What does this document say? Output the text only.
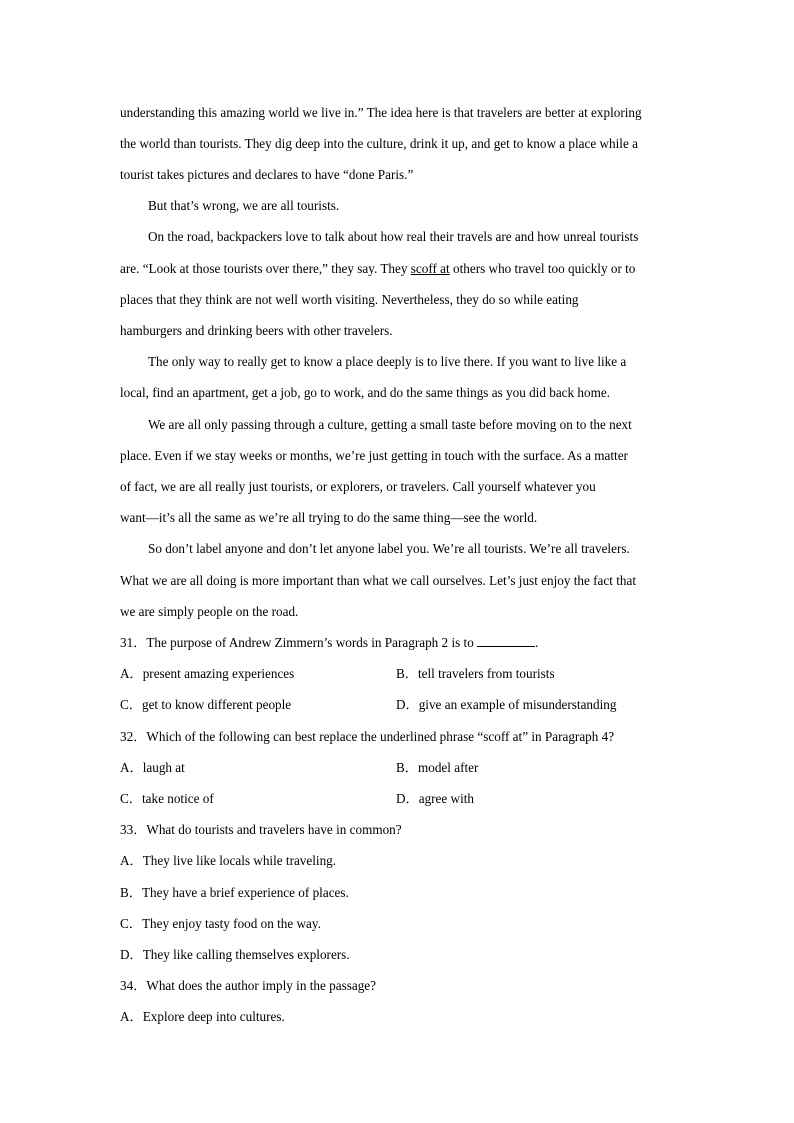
understanding this amazing world we live in.” The idea here is that travelers are better at exploring
the world than tourists. They dig deep into the culture, drink it up, and get to know a place while a
tourist takes pictures and declares to have “done Paris.”
But that’s wrong, we are all tourists.
On the road, backpackers love to talk about how real their travels are and how unreal tourists
are. “Look at those tourists over there,” they say. They scoff at others who travel too quickly or to
places that they think are not well worth visiting. Nevertheless, they do so while eating
hamburgers and drinking beers with other travelers.
The only way to really get to know a place deeply is to live there. If you want to live like a
local, find an apartment, get a job, go to work, and do the same things as you did back home.
We are all only passing through a culture, getting a small taste before moving on to the next
place. Even if we stay weeks or months, we’re just getting in touch with the surface. As a matter
of fact, we are all really just tourists, or explorers, or travelers. Call yourself whatever you
want—it’s all the same as we’re all trying to do the same thing—see the world.
So don’t label anyone and don’t let anyone label you. We’re all tourists. We’re all travelers.
What we are all doing is more important than what we call ourselves. Let’s just enjoy the fact that
we are simply people on the road.
31．The purpose of Andrew Zimmern’s words in Paragraph 2 is to	.
A．present amazing experiences	B．tell travelers from tourists
C．get to know different people	D．give an example of misunderstanding
32．Which of the following can best replace the underlined phrase “scoff at” in Paragraph 4?
A．laugh at	B．model after
C．take notice of	D．agree with
33．What do tourists and travelers have in common?
A．They live like locals while traveling.
B．They have a brief experience of places.
C．They enjoy tasty food on the way.
D．They like calling themselves explorers.
34．What does the author imply in the passage?
A．Explore deep into cultures.
